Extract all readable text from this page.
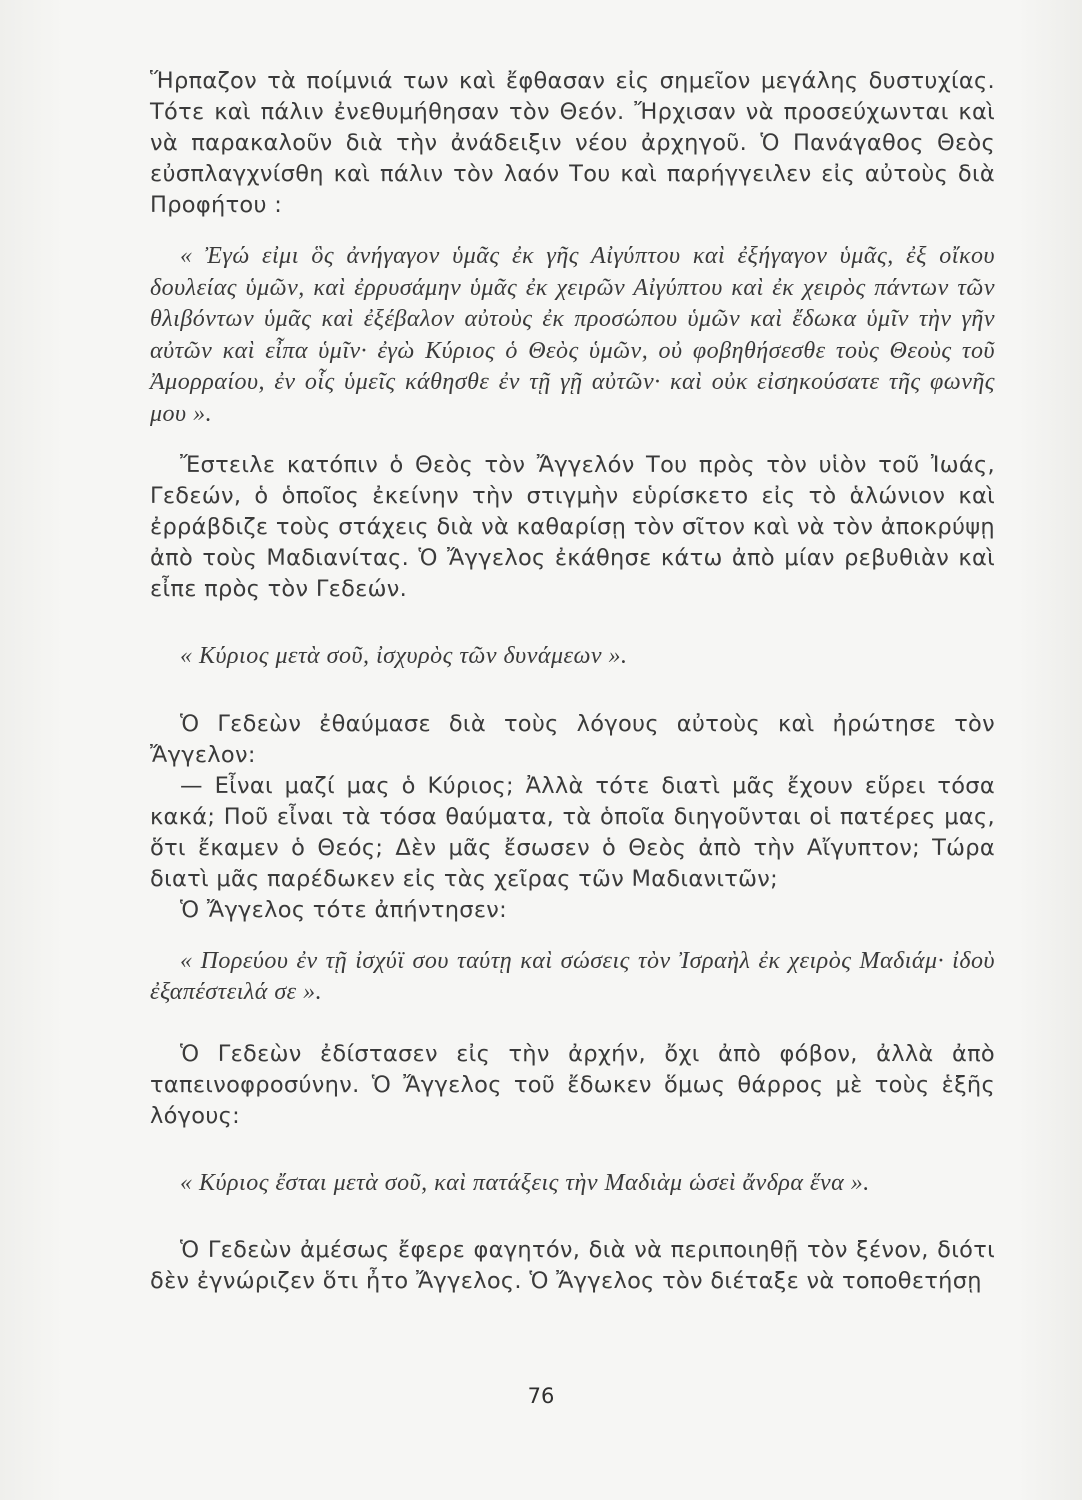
Ἥρπαζον τὰ ποίμνιά των καὶ ἔφθασαν εἰς σημεῖον μεγάλης δυστυχίας. Τότε καὶ πάλιν ἐνεθυμήθησαν τὸν Θεόν. Ἤρχισαν νὰ προσεύχωνται καὶ νὰ παρακαλοῦν διὰ τὴν ἀνάδειξιν νέου ἀρχηγοῦ. Ὁ Πανάγαθος Θεὸς εὐσπλαγχνίσθη καὶ πάλιν τὸν λαόν Του καὶ παρήγγειλεν εἰς αὐτοὺς διὰ Προφήτου :

« Ἐγώ εἰμι ὃς ἀνήγαγον ὑμᾶς ἐκ γῆς Αἰγύπτου καὶ ἐξήγαγον ὑμᾶς, ἐξ οἴκου δουλείας ὑμῶν, καὶ ἐρρυσάμην ὑμᾶς ἐκ χειρῶν Αἰγύπτου καὶ ἐκ χειρὸς πάντων τῶν θλιβόντων ὑμᾶς καὶ ἐξέβαλον αὐτοὺς ἐκ προσώπου ὑμῶν καὶ ἔδωκα ὑμῖν τὴν γῆν αὐτῶν καὶ εἶπα ὑμῖν· ἐγὼ Κύριος ὁ Θεὸς ὑμῶν, οὐ φοβηθήσεσθε τοὺς Θεοὺς τοῦ Ἀμορραίου, ἐν οἷς ὑμεῖς κάθησθε ἐν τῇ γῇ αὐτῶν· καὶ οὐκ εἰσηκούσατε τῆς φωνῆς μου ».

Ἔστειλε κατόπιν ὁ Θεὸς τὸν Ἄγγελόν Του πρὸς τὸν υἱὸν τοῦ Ἰωάς, Γεδεών, ὁ ὁποῖος ἐκείνην τὴν στιγμὴν εὑρίσκετο εἰς τὸ ἁλώνιον καὶ ἐρράβδιζε τοὺς στάχεις διὰ νὰ καθαρίσῃ τὸν σῖτον καὶ νὰ τὸν ἀποκρύψῃ ἀπὸ τοὺς Μαδιανίτας. Ὁ Ἄγγελος ἐκάθησε κάτω ἀπὸ μίαν ρεβυθιὰν καὶ εἶπε πρὸς τὸν Γεδεών.

« Κύριος μετὰ σοῦ, ἰσχυρὸς τῶν δυνάμεων ».

Ὁ Γεδεὼν ἐθαύμασε διὰ τοὺς λόγους αὐτοὺς καὶ ἠρώτησε τὸν Ἄγγελον:

— Εἶναι μαζί μας ὁ Κύριος; Ἀλλὰ τότε διατὶ μᾶς ἔχουν εὕρει τόσα κακά; Ποῦ εἶναι τὰ τόσα θαύματα, τὰ ὁποῖα διηγοῦνται οἱ πατέρες μας, ὅτι ἔκαμεν ὁ Θεός; Δὲν μᾶς ἔσωσεν ὁ Θεὸς ἀπὸ τὴν Αἴγυπτον; Τώρα διατὶ μᾶς παρέδωκεν εἰς τὰς χεῖρας τῶν Μαδιανιτῶν;

Ὁ Ἄγγελος τότε ἀπήντησεν:

« Πορεύου ἐν τῇ ἰσχύϊ σου ταύτῃ καὶ σώσεις τὸν Ἰσραὴλ ἐκ χειρὸς Μαδιάμ· ἰδοὺ ἐξαπέστειλά σε ».

Ὁ Γεδεὼν ἐδίστασεν εἰς τὴν ἀρχήν, ὄχι ἀπὸ φόβον, ἀλλὰ ἀπὸ ταπεινοφροσύνην. Ὁ Ἄγγελος τοῦ ἔδωκεν ὅμως θάρρος μὲ τοὺς ἑξῆς λόγους:

« Κύριος ἔσται μετὰ σοῦ, καὶ πατάξεις τὴν Μαδιὰμ ὡσεὶ ἄνδρα ἕνα ».

Ὁ Γεδεὼν ἀμέσως ἔφερε φαγητόν, διὰ νὰ περιποιηθῇ τὸν ξένον, διότι δὲν ἐγνώριζεν ὅτι ἦτο Ἄγγελος. Ὁ Ἄγγελος τὸν διέταξε νὰ τοποθετήσῃ

76
